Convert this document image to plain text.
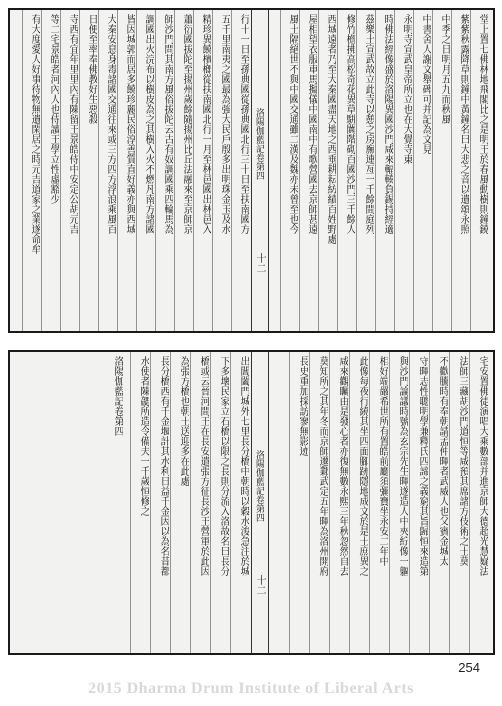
堂上置七佛林地飛閣比之是明王於春風動樹則鐘鐃
紫紫秋露降草則鐘中黃鐘名曰大悲之音以遺頌永照
中季之日明月五九而秋風
中書舍人謝文舉碑可并記為文見
永明寺宣武皇帝所立也在大覺寺東
時佛法經像盛於洛陽異國沙門咸來輻輳負錫持經適
茲樂土宣武故立此寺以憩之房廡連亙一千餘間庭列
修竹檐拂高松奇花異草駢闐階砌百國沙門三千餘人
西域遠者乃至大秦國盡天地之西垂耕耘紡績百姓野處
屋相望衣服車馬擬儀中國南中有歌營國去京師甚遠
風土隔絕世不與中國交通雖二漢及魏亦未曾至也今
洛陽伽藍記卷第四
十二
行十一日至孫典國從孫典國北行三十日至扶南國方
五千里南夷之國最為強大民戶殷多出明珠金玉及水
精珍異饒檳榔從扶南國北行一月至林邑國出林邑入
蕭衍國拔陀至揚州歲餘隨揚州比丘法融來至京師京
師沙門問其南方風俗拔陀云古有奴調國乘四輪馬為
調國出火浣布以樹皮為之其樹入火不燃凡南方諸國
皆因城郭而居多饒珍麗民俗淳善質直好義亦與西域
大秦安息身毒諸國交通往來或三方四方浮浪乘風百
日便至率奉佛教好生惡殺
寺西有宜年里里內有陳留王景皓侍中安定公胡元吉
等二宅景皓者河內人也侍讀王學立性虛豁少
有大度愛人好事待物無遺閑居之時元吉道家之業遂命牟
宅安置佛徒演唱大乘數部并進京師大德超光慧嶷法
法師三藏胡沙門道恒等咸預其席諸方伎術之士莫
不歡騰時有奉朝請孟仲暉者武威人也父賓金城太
守暉志性聰明學兼釋氏四諦之義窮其旨歸恒來造第
與沙門論議時號為玄宗先生暉遂造人中夾紵像一軀
相好端嚴希世所有置皓前廳須彌寶坐永安二年中
此像每夜行繞其坐四面腳跡隱地成文於是士庶異之
咸來觀矚由是發心者亦復無數永熙三年秋忽然自去
莫知所之其年冬而京師遷鄴武定五年暉為洛州開府
長史重加採訪寥無影迹
洛陽伽藍記卷第四
十二
出閶闔門城外七里長分橋中朝時以穀水浚急注於城
下多壞民家立石橋以限之長則分流入洛故名曰長分
橋或云晉河間王在長安遣張方征長沙王營軍於此因
為張方橋也朝士送迎多在此處
長分橋西有千金堰計其水利日益千金因以為名昔都
水使者陳勰所造令備夫一千歲恒修之
洛陽伽藍記卷第四
254
2015 Dharma Drum Institute of Liberal Arts
